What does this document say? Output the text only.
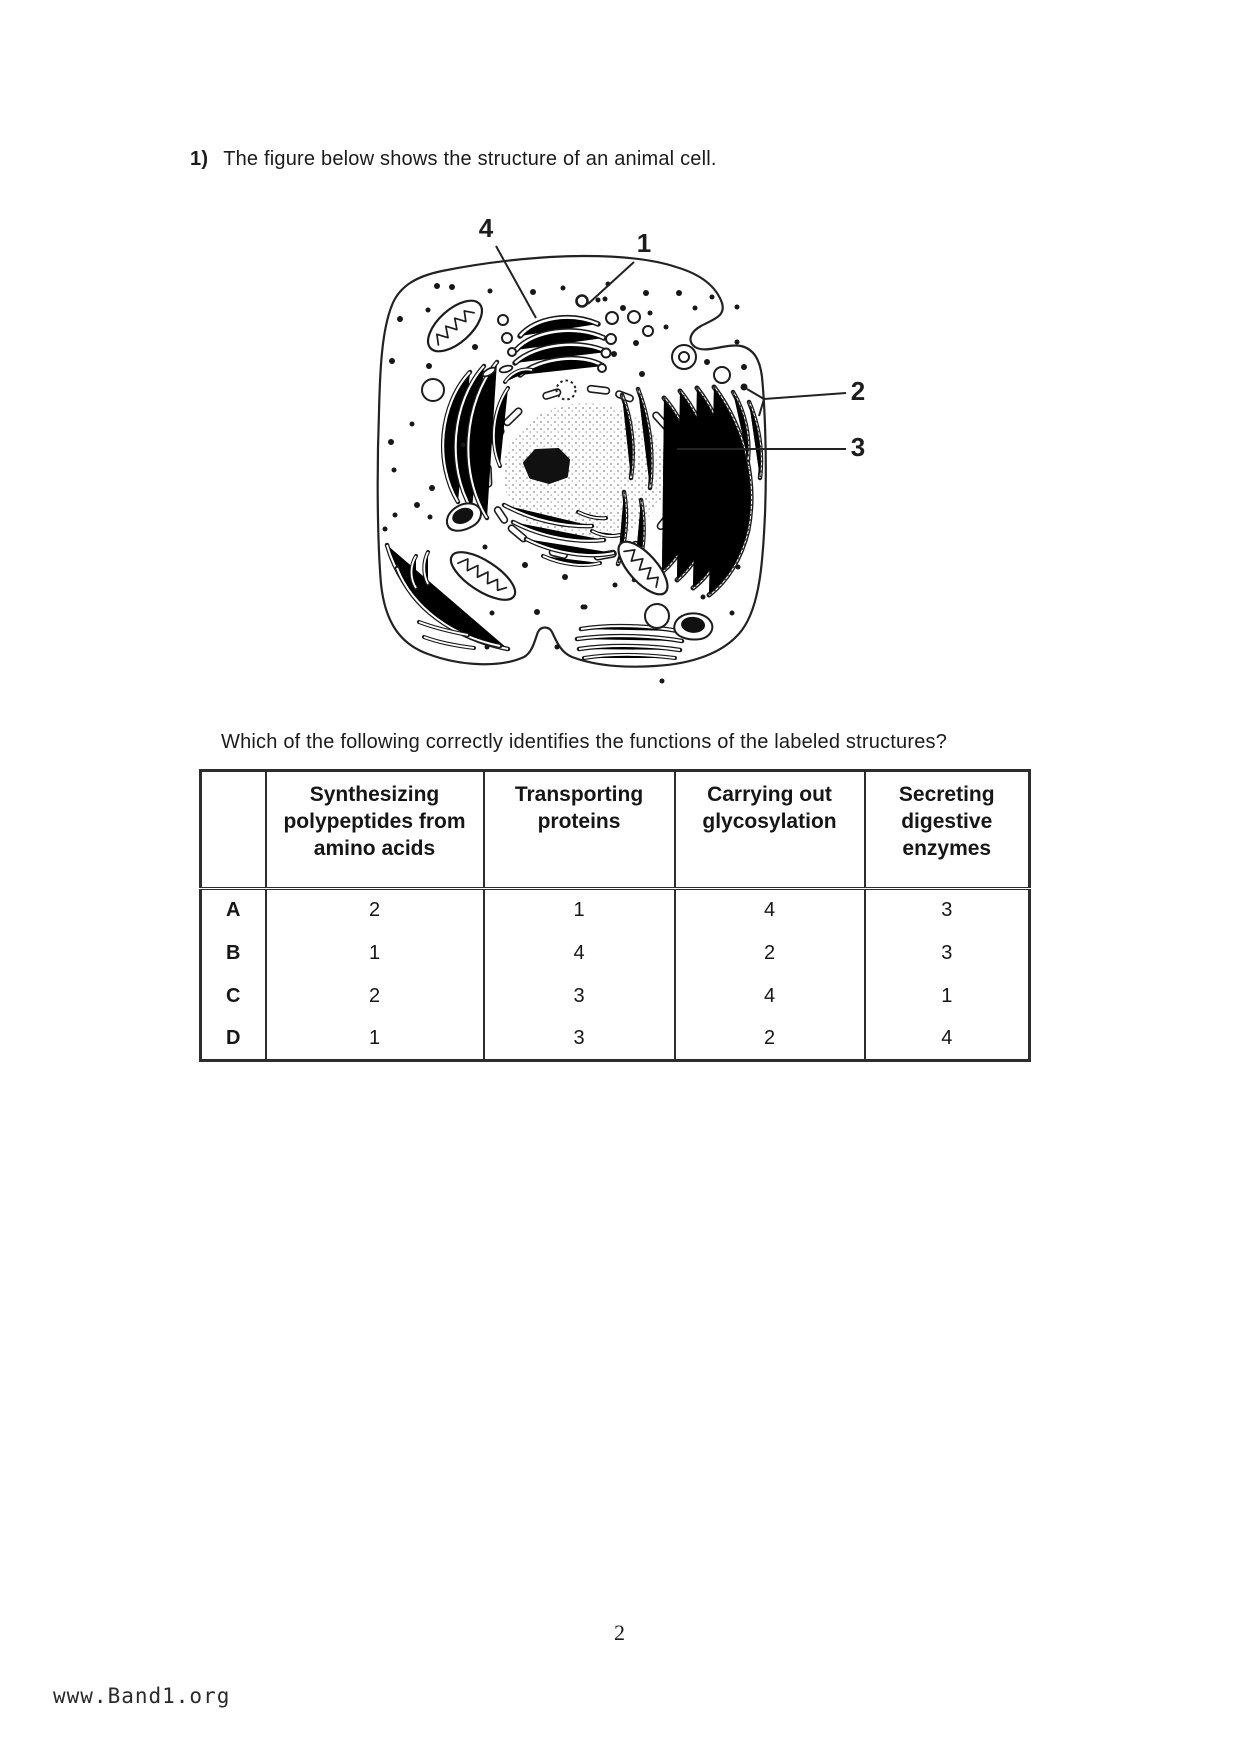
1) The figure below shows the structure of an animal cell.
4	1
2
3
Which of the following correctly identifies the functions of the labeled structures?
	Synthesizing polypeptides from amino acids	Transporting proteins	Carrying out glycosylation	Secreting digestive enzymes
A	2	1	4	3
B	1	4	2	3
C	2	3	4	1
D	1	3	2	4
2
www.Band1.org
